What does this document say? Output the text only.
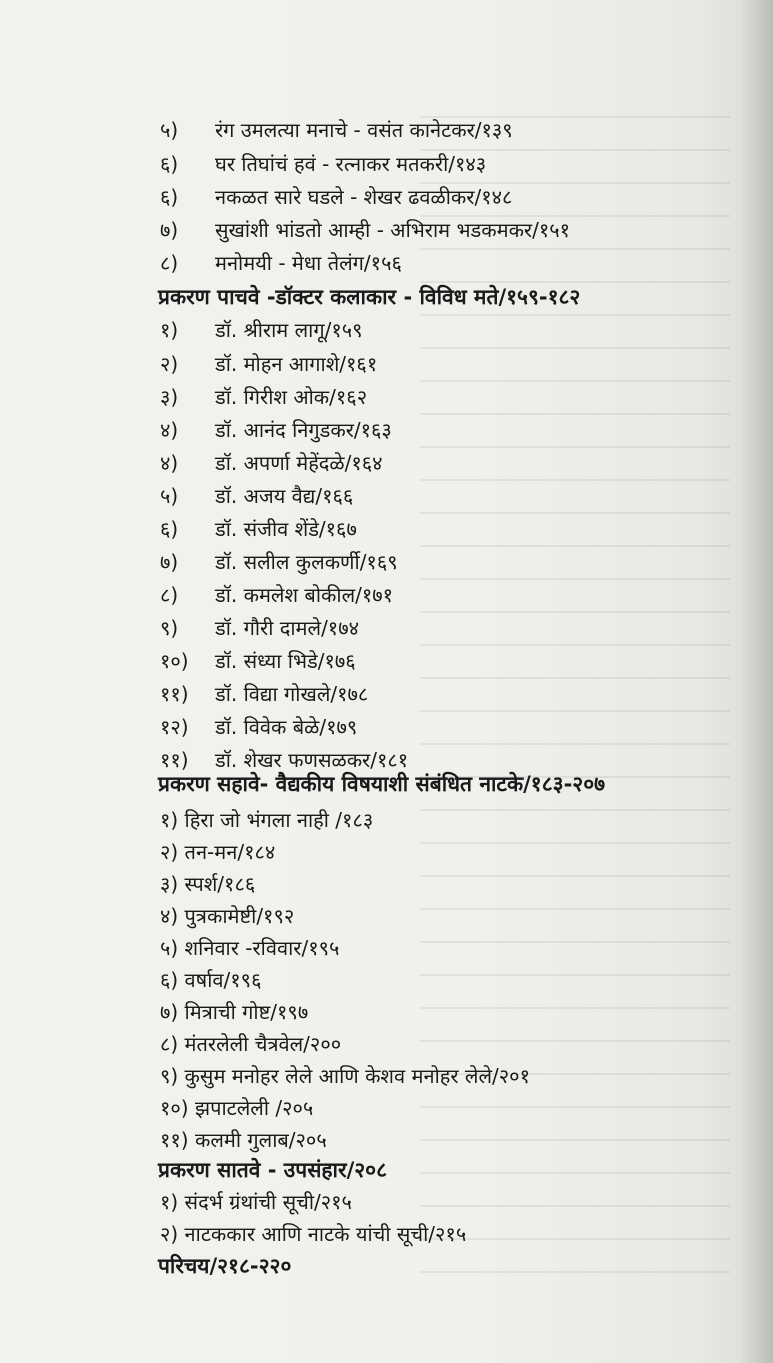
५) रंग उमलत्या मनाचे - वसंत कानेटकर/१३९
६) घर तिघांचं हवं - रत्नाकर मतकरी/१४३
६) नकळत सारे घडले - शेखर ढवळीकर/१४८
७) सुखांशी भांडतो आम्ही - अभिराम भडकमकर/१५१
८) मनोमयी - मेधा तेलंग/१५६
प्रकरण पाचवे -डॉक्टर कलाकार - विविध मते/१५९-१८२
१) डॉ. श्रीराम लागू/१५९
२) डॉ. मोहन आगाशे/१६१
३) डॉ. गिरीश ओक/१६२
४) डॉ. आनंद निगुडकर/१६३
४) डॉ. अपर्णा मेहेंदळे/१६४
५) डॉ. अजय वैद्य/१६६
६) डॉ. संजीव शेंडे/१६७
७) डॉ. सलील कुलकर्णी/१६९
८) डॉ. कमलेश बोकील/१७१
९) डॉ. गौरी दामले/१७४
१०) डॉ. संध्या भिडे/१७६
११) डॉ. विद्या गोखले/१७८
१२) डॉ. विवेक बेळे/१७९
११) डॉ. शेखर फणसळकर/१८१
प्रकरण सहावे- वैद्यकीय विषयाशी संबंधित नाटके/१८३-२०७
१) हिरा जो भंगला नाही /१८३
२) तन-मन/१८४
३) स्पर्श/१८६
४) पुत्रकामेष्टी/१९२
५) शनिवार -रविवार/१९५
६) वर्षाव/१९६
७) मित्राची गोष्ट/१९७
८) मंतरलेली चैत्रवेल/२००
९) कुसुम मनोहर लेले आणि केशव मनोहर लेले/२०१
१०) झपाटलेली /२०५
११) कलमी गुलाब/२०५
प्रकरण सातवे - उपसंहार/२०८
१) संदर्भ ग्रंथांची सूची/२१५
२) नाटककार आणि नाटके यांची सूची/२१५
परिचय/२१८-२२०
